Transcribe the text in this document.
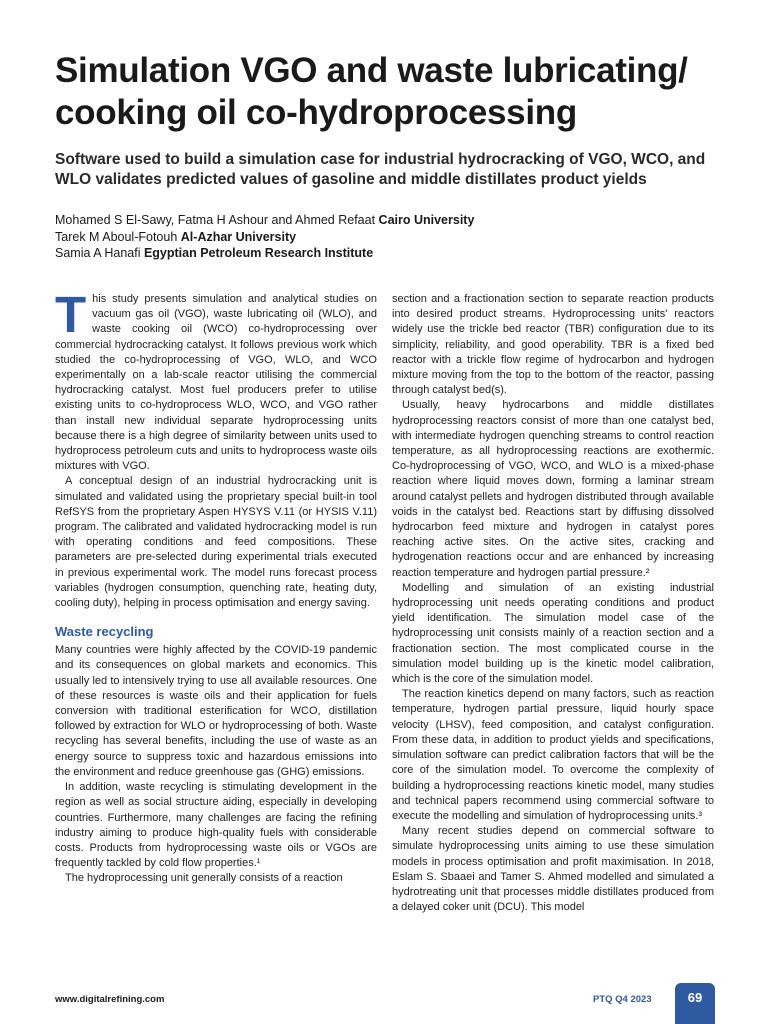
Simulation VGO and waste lubricating/ cooking oil co-hydroprocessing
Software used to build a simulation case for industrial hydrocracking of VGO, WCO, and WLO validates predicted values of gasoline and middle distillates product yields
Mohamed S El-Sawy, Fatma H Ashour and Ahmed Refaat Cairo University
Tarek M Aboul-Fotouh Al-Azhar University
Samia A Hanafi Egyptian Petroleum Research Institute

This study presents simulation and analytical studies on vacuum gas oil (VGO), waste lubricating oil (WLO), and waste cooking oil (WCO) co-hydroprocessing over commercial hydrocracking catalyst. It follows previous work which studied the co-hydroprocessing of VGO, WLO, and WCO experimentally on a lab-scale reactor utilising the commercial hydrocracking catalyst. Most fuel producers prefer to utilise existing units to co-hydroprocess WLO, WCO, and VGO rather than install new individual separate hydroprocessing units because there is a high degree of similarity between units used to hydroprocess petroleum cuts and units to hydroprocess waste oils mixtures with VGO.

A conceptual design of an industrial hydrocracking unit is simulated and validated using the proprietary special built-in tool RefSYS from the proprietary Aspen HYSYS V.11 (or HYSIS V.11) program. The calibrated and validated hydrocracking model is run with operating conditions and feed compositions. These parameters are pre-selected during experimental trials executed in previous experimental work. The model runs forecast process variables (hydrogen consumption, quenching rate, heating duty, cooling duty), helping in process optimisation and energy saving.

Waste recycling

Many countries were highly affected by the COVID-19 pandemic and its consequences on global markets and economics. This usually led to intensively trying to use all available resources. One of these resources is waste oils and their application for fuels conversion with traditional esterification for WCO, distillation followed by extraction for WLO or hydroprocessing of both. Waste recycling has several benefits, including the use of waste as an energy source to suppress toxic and hazardous emissions into the environment and reduce greenhouse gas (GHG) emissions.

In addition, waste recycling is stimulating development in the region as well as social structure aiding, especially in developing countries. Furthermore, many challenges are facing the refining industry aiming to produce high-quality fuels with considerable costs. Products from hydroprocessing waste oils or VGOs are frequently tackled by cold flow properties.¹

The hydroprocessing unit generally consists of a reaction

section and a fractionation section to separate reaction products into desired product streams. Hydroprocessing units' reactors widely use the trickle bed reactor (TBR) configuration due to its simplicity, reliability, and good operability. TBR is a fixed bed reactor with a trickle flow regime of hydrocarbon and hydrogen mixture moving from the top to the bottom of the reactor, passing through catalyst bed(s).

Usually, heavy hydrocarbons and middle distillates hydroprocessing reactors consist of more than one catalyst bed, with intermediate hydrogen quenching streams to control reaction temperature, as all hydroprocessing reactions are exothermic. Co-hydroprocessing of VGO, WCO, and WLO is a mixed-phase reaction where liquid moves down, forming a laminar stream around catalyst pellets and hydrogen distributed through available voids in the catalyst bed. Reactions start by diffusing dissolved hydrocarbon feed mixture and hydrogen in catalyst pores reaching active sites. On the active sites, cracking and hydrogenation reactions occur and are enhanced by increasing reaction temperature and hydrogen partial pressure.²

Modelling and simulation of an existing industrial hydroprocessing unit needs operating conditions and product yield identification. The simulation model case of the hydroprocessing unit consists mainly of a reaction section and a fractionation section. The most complicated course in the simulation model building up is the kinetic model calibration, which is the core of the simulation model.

The reaction kinetics depend on many factors, such as reaction temperature, hydrogen partial pressure, liquid hourly space velocity (LHSV), feed composition, and catalyst configuration. From these data, in addition to product yields and specifications, simulation software can predict calibration factors that will be the core of the simulation model. To overcome the complexity of building a hydroprocessing reactions kinetic model, many studies and technical papers recommend using commercial software to execute the modelling and simulation of hydroprocessing units.³

Many recent studies depend on commercial software to simulate hydroprocessing units aiming to use these simulation models in process optimisation and profit maximisation. In 2018, Eslam S. Sbaaei and Tamer S. Ahmed modelled and simulated a hydrotreating unit that processes middle distillates produced from a delayed coker unit (DCU). This model

www.digitalrefining.com	PTQ Q4 2023	69
